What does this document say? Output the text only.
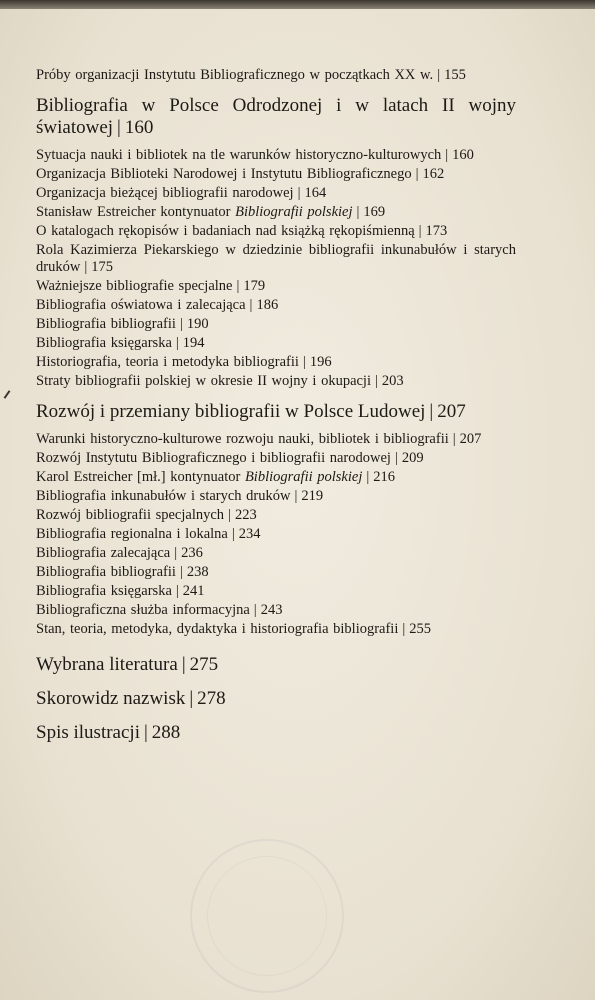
Próby organizacji Instytutu Bibliograficznego w początkach XX w. | 155
Bibliografia w Polsce Odrodzonej i w latach II wojny światowej | 160
Sytuacja nauki i bibliotek na tle warunków historyczno-kulturowych | 160
Organizacja Biblioteki Narodowej i Instytutu Bibliograficznego | 162
Organizacja bieżącej bibliografii narodowej | 164
Stanisław Estreicher kontynuator Bibliografii polskiej | 169
O katalogach rękopisów i badaniach nad książką rękopiśmienną | 173
Rola Kazimierza Piekarskiego w dziedzinie bibliografii inkunabułów i starych druków | 175
Ważniejsze bibliografie specjalne | 179
Bibliografia oświatowa i zalecająca | 186
Bibliografia bibliografii | 190
Bibliografia księgarska | 194
Historiografia, teoria i metodyka bibliografii | 196
Straty bibliografii polskiej w okresie II wojny i okupacji | 203
Rozwój i przemiany bibliografii w Polsce Ludowej | 207
Warunki historyczno-kulturowe rozwoju nauki, bibliotek i bibliografii | 207
Rozwój Instytutu Bibliograficznego i bibliografii narodowej | 209
Karol Estreicher [mł.] kontynuator Bibliografii polskiej | 216
Bibliografia inkunabułów i starych druków | 219
Rozwój bibliografii specjalnych | 223
Bibliografia regionalna i lokalna | 234
Bibliografia zalecająca | 236
Bibliografia bibliografii | 238
Bibliografia księgarska | 241
Bibliograficzna służba informacyjna | 243
Stan, teoria, metodyka, dydaktyka i historiografia bibliografii | 255
Wybrana literatura | 275
Skorowidz nazwisk | 278
Spis ilustracji | 288
